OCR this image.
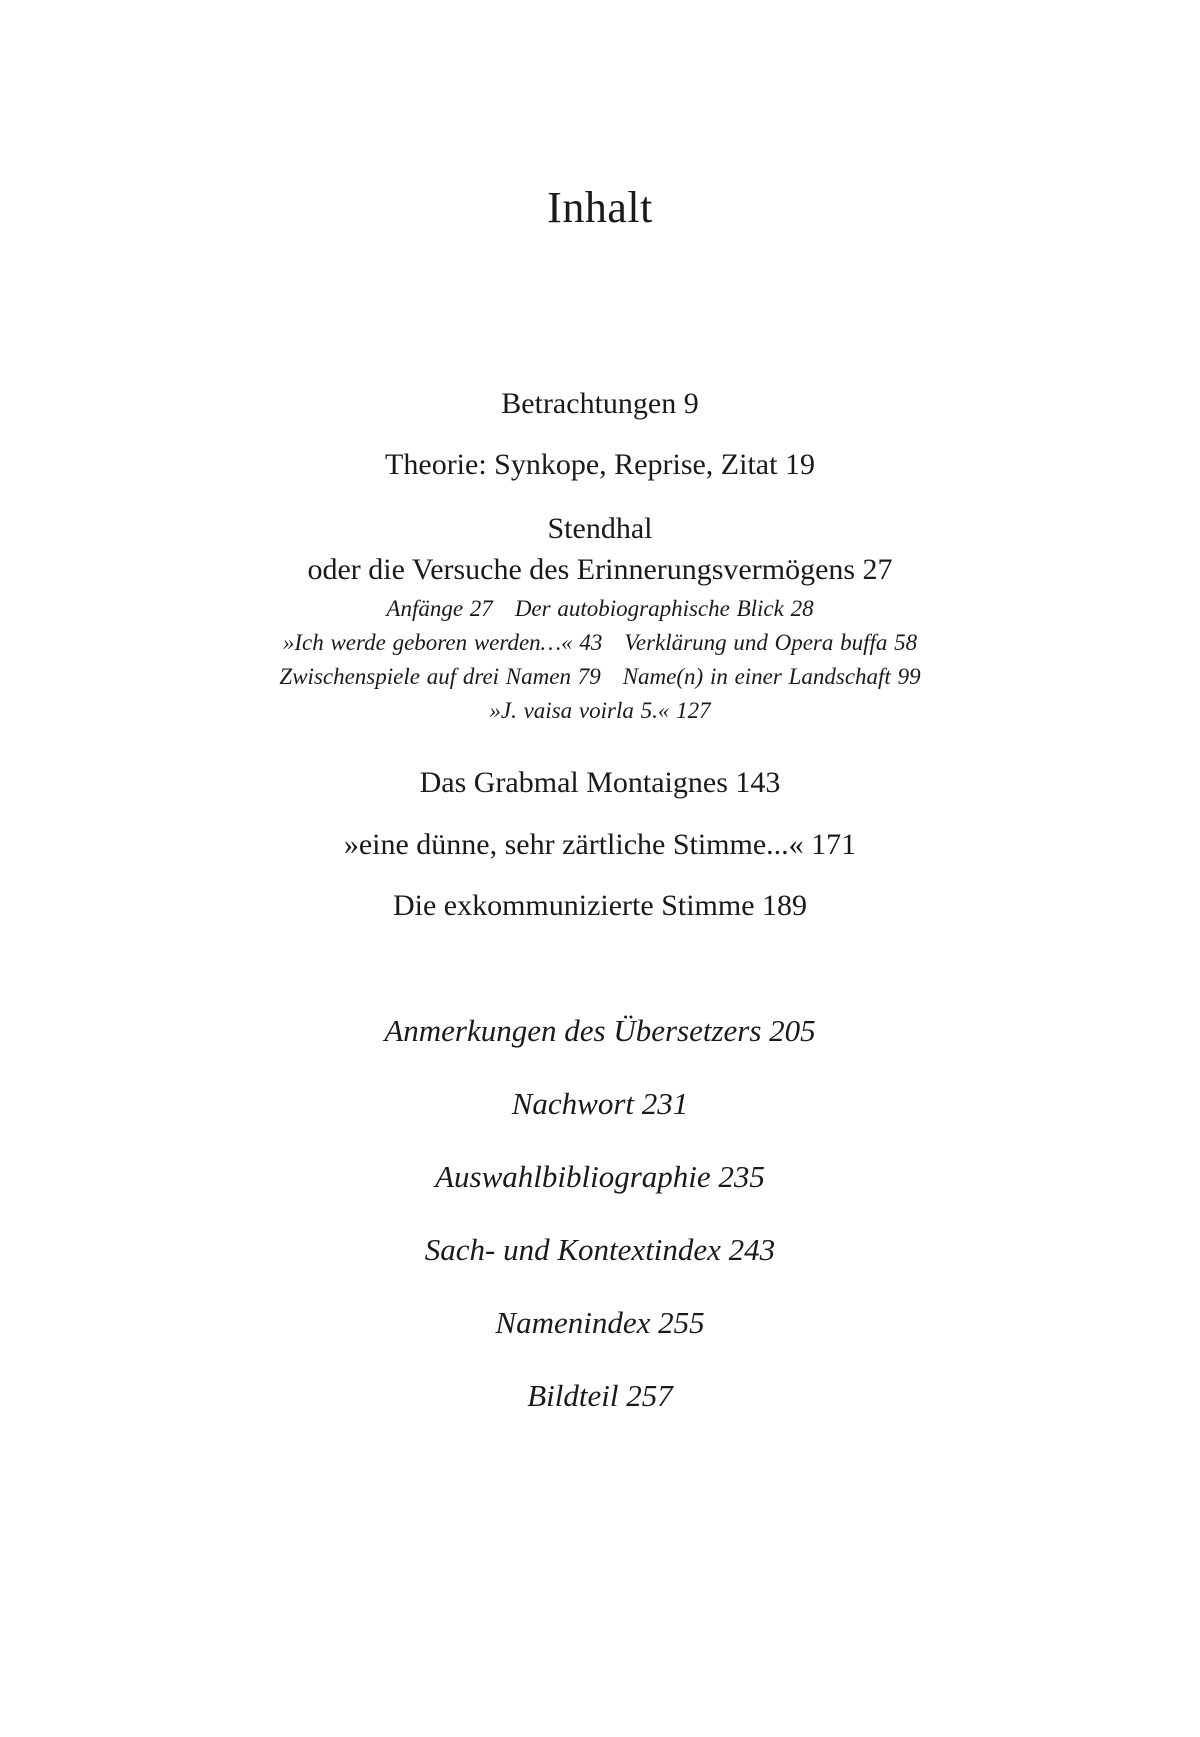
Inhalt
Betrachtungen 9
Theorie: Synkope, Reprise, Zitat 19
Stendhal
oder die Versuche des Erinnerungsvermögens 27
Anfänge 27 Der autobiographische Blick 28
»Ich werde geboren werden…« 43 Verklärung und Opera buffa 58
Zwischenspiele auf drei Namen 79 Name(n) in einer Landschaft 99
»J. vaisa voirla 5.« 127
Das Grabmal Montaignes 143
»eine dünne, sehr zärtliche Stimme...« 171
Die exkommunizierte Stimme 189
Anmerkungen des Übersetzers 205
Nachwort 231
Auswahlbibliographie 235
Sach- und Kontextindex 243
Namenindex 255
Bildteil 257
